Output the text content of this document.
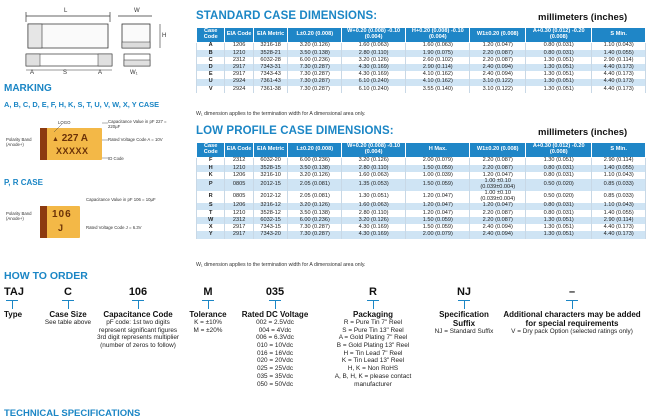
L	W
H
A	S	A	W₁
MARKING
A, B, C, D, E, F, H, K, S, T, U, V, W, X, Y CASE
LOGO
▲ 227 A
XXXXX
Polarity Band (Anode+)
Capacitance Value in pF 227 = 220µF
Rated Voltage Code A = 10V
ID Code
P, R CASE
106
J
Polarity Band (Anode+)
Capacitance Value in pF 106 = 10µF
Rated Voltage Code J = 6.3V
STANDARD CASE DIMENSIONS:	millimeters (inches)
Case Code	EIA Code	EIA Metric	L±0.20 (0.008)	W+0.20 (0.008) -0.10 (0.004)	H+0.20 (0.008) -0.10 (0.004)	W1±0.20 (0.008)	A+0.30 (0.012) -0.20 (0.008)	S Min.
A	1206	3216-18	3.20 (0.126)	1.60 (0.063)	1.60 (0.063)	1.20 (0.047)	0.80 (0.031)	1.10 (0.043)
B	1210	3528-21	3.50 (0.138)	2.80 (0.110)	1.90 (0.075)	2.20 (0.087)	0.80 (0.031)	1.40 (0.055)
C	2312	6032-28	6.00 (0.236)	3.20 (0.126)	2.60 (0.102)	2.20 (0.087)	1.30 (0.051)	2.90 (0.114)
D	2917	7343-31	7.30 (0.287)	4.30 (0.169)	2.90 (0.114)	2.40 (0.094)	1.30 (0.051)	4.40 (0.173)
E	2917	7343-43	7.30 (0.287)	4.30 (0.169)	4.10 (0.162)	2.40 (0.094)	1.30 (0.051)	4.40 (0.173)
U	2924	7361-43	7.30 (0.287)	6.10 (0.240)	4.10 (0.162)	3.10 (0.122)	1.30 (0.051)	4.40 (0.173)
V	2924	7361-38	7.30 (0.287)	6.10 (0.240)	3.55 (0.140)	3.10 (0.122)	1.30 (0.051)	4.40 (0.173)
W₁ dimension applies to the termination width for A dimensional area only.
LOW PROFILE CASE DIMENSIONS:	millimeters (inches)
Case Code	EIA Code	EIA Metric	L±0.20 (0.008)	W+0.20 (0.008) -0.10 (0.004)	H Max.	W1±0.20 (0.008)	A+0.30 (0.012) -0.20 (0.008)	S Min.
F	2312	6032-20	6.00 (0.236)	3.20 (0.126)	2.00 (0.079)	2.20 (0.087)	1.30 (0.051)	2.90 (0.114)
H	1210	3528-15	3.50 (0.138)	2.80 (0.110)	1.50 (0.059)	2.20 (0.087)	0.80 (0.031)	1.40 (0.055)
K	1206	3216-10	3.20 (0.126)	1.60 (0.063)	1.00 (0.039)	1.20 (0.047)	0.80 (0.031)	1.10 (0.043)
P	0805	2012-15	2.05 (0.081)	1.35 (0.053)	1.50 (0.059)	1.00 ±0.10 (0.039±0.004)	0.50 (0.020)	0.85 (0.033)
R	0805	2012-12	2.05 (0.081)	1.30 (0.051)	1.20 (0.047)	1.00 ±0.10 (0.039±0.004)	0.50 (0.020)	0.85 (0.033)
S	1206	3216-12	3.20 (0.126)	1.60 (0.063)	1.20 (0.047)	1.20 (0.047)	0.80 (0.031)	1.10 (0.043)
T	1210	3528-12	3.50 (0.138)	2.80 (0.110)	1.20 (0.047)	2.20 (0.087)	0.80 (0.031)	1.40 (0.055)
W	2312	6032-15	6.00 (0.236)	3.20 (0.126)	1.50 (0.059)	2.20 (0.087)	1.30 (0.051)	2.90 (0.114)
X	2917	7343-15	7.30 (0.287)	4.30 (0.169)	1.50 (0.059)	2.40 (0.094)	1.30 (0.051)	4.40 (0.173)
Y	2917	7343-20	7.30 (0.287)	4.30 (0.169)	2.00 (0.079)	2.40 (0.094)	1.30 (0.051)	4.40 (0.173)
W₁ dimension applies to the termination width for A dimensional area only.
HOW TO ORDER
TAJ
Type
C
Case Size
See table above
106
Capacitance Code
pF code: 1st two digits represent significant figures 3rd digit represents multiplier (number of zeros to follow)
M
Tolerance
K = ±10%
M = ±20%
035
Rated DC Voltage
002 = 2.5Vdc
004 = 4Vdc
006 = 6.3Vdc
010 = 10Vdc
016 = 16Vdc
020 = 20Vdc
025 = 25Vdc
035 = 35Vdc
050 = 50Vdc
R
Packaging
R = Pure Tin 7" Reel
S = Pure Tin 13" Reel
A = Gold Plating 7" Reel
B = Gold Plating 13" Reel
H = Tin Lead 7" Reel
K = Tin Lead 13" Reel
H, K = Non RoHS
A, B, H, K = please contact manufacturer
NJ
Specification Suffix
NJ = Standard Suffix
–
Additional characters may be added for special requirements
V = Dry pack Option (selected ratings only)
TECHNICAL SPECIFICATIONS
